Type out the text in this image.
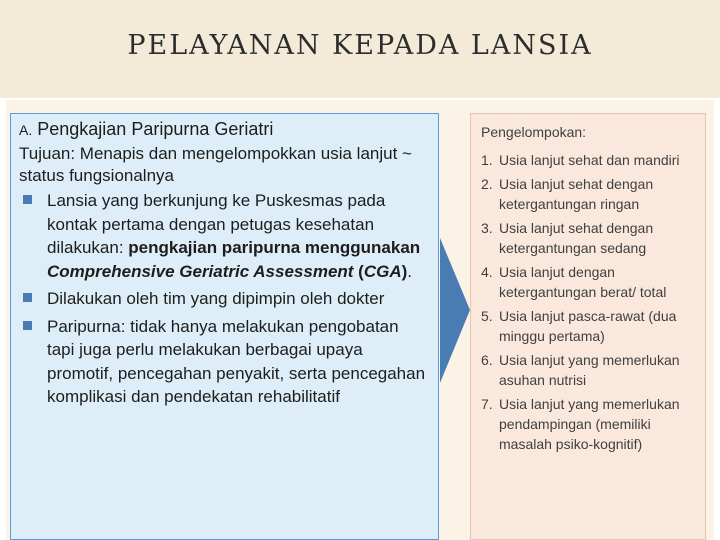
PELAYANAN KEPADA LANSIA
A. Pengkajian Paripurna Geriatri
Tujuan: Menapis dan mengelompokkan usia lanjut ~ status fungsionalnya
Lansia yang berkunjung ke Puskesmas pada kontak pertama dengan petugas kesehatan dilakukan: pengkajian paripurna menggunakan Comprehensive Geriatric Assessment (CGA).
Dilakukan oleh tim yang dipimpin oleh dokter
Paripurna: tidak hanya melakukan pengobatan tapi juga perlu melakukan berbagai upaya promotif, pencegahan penyakit, serta pencegahan komplikasi dan pendekatan rehabilitatif
Pengelompokan:
1. Usia lanjut sehat dan mandiri
2. Usia lanjut sehat dengan ketergantungan ringan
3. Usia lanjut sehat dengan ketergantungan sedang
4. Usia lanjut dengan ketergantungan berat/ total
5. Usia lanjut pasca-rawat (dua minggu pertama)
6. Usia lanjut yang memerlukan asuhan nutrisi
7. Usia lanjut yang memerlukan pendampingan (memiliki masalah psiko-kognitif)
